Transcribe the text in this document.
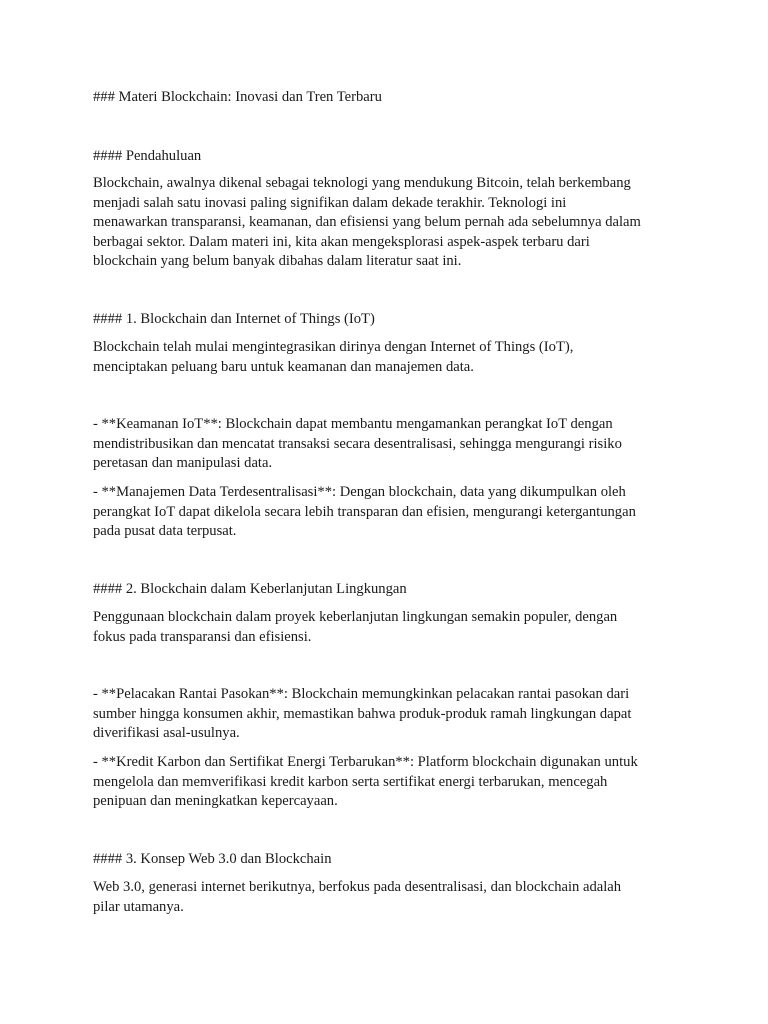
### Materi Blockchain: Inovasi dan Tren Terbaru
#### Pendahuluan
Blockchain, awalnya dikenal sebagai teknologi yang mendukung Bitcoin, telah berkembang
menjadi salah satu inovasi paling signifikan dalam dekade terakhir. Teknologi ini
menawarkan transparansi, keamanan, dan efisiensi yang belum pernah ada sebelumnya dalam
berbagai sektor. Dalam materi ini, kita akan mengeksplorasi aspek-aspek terbaru dari
blockchain yang belum banyak dibahas dalam literatur saat ini.
#### 1. Blockchain dan Internet of Things (IoT)
Blockchain telah mulai mengintegrasikan dirinya dengan Internet of Things (IoT),
menciptakan peluang baru untuk keamanan dan manajemen data.
- **Keamanan IoT**: Blockchain dapat membantu mengamankan perangkat IoT dengan
mendistribusikan dan mencatat transaksi secara desentralisasi, sehingga mengurangi risiko
peretasan dan manipulasi data.
- **Manajemen Data Terdesentralisasi**: Dengan blockchain, data yang dikumpulkan oleh
perangkat IoT dapat dikelola secara lebih transparan dan efisien, mengurangi ketergantungan
pada pusat data terpusat.
#### 2. Blockchain dalam Keberlanjutan Lingkungan
Penggunaan blockchain dalam proyek keberlanjutan lingkungan semakin populer, dengan
fokus pada transparansi dan efisiensi.
- **Pelacakan Rantai Pasokan**: Blockchain memungkinkan pelacakan rantai pasokan dari
sumber hingga konsumen akhir, memastikan bahwa produk-produk ramah lingkungan dapat
diverifikasi asal-usulnya.
- **Kredit Karbon dan Sertifikat Energi Terbarukan**: Platform blockchain digunakan untuk
mengelola dan memverifikasi kredit karbon serta sertifikat energi terbarukan, mencegah
penipuan dan meningkatkan kepercayaan.
#### 3. Konsep Web 3.0 dan Blockchain
Web 3.0, generasi internet berikutnya, berfokus pada desentralisasi, dan blockchain adalah
pilar utamanya.
